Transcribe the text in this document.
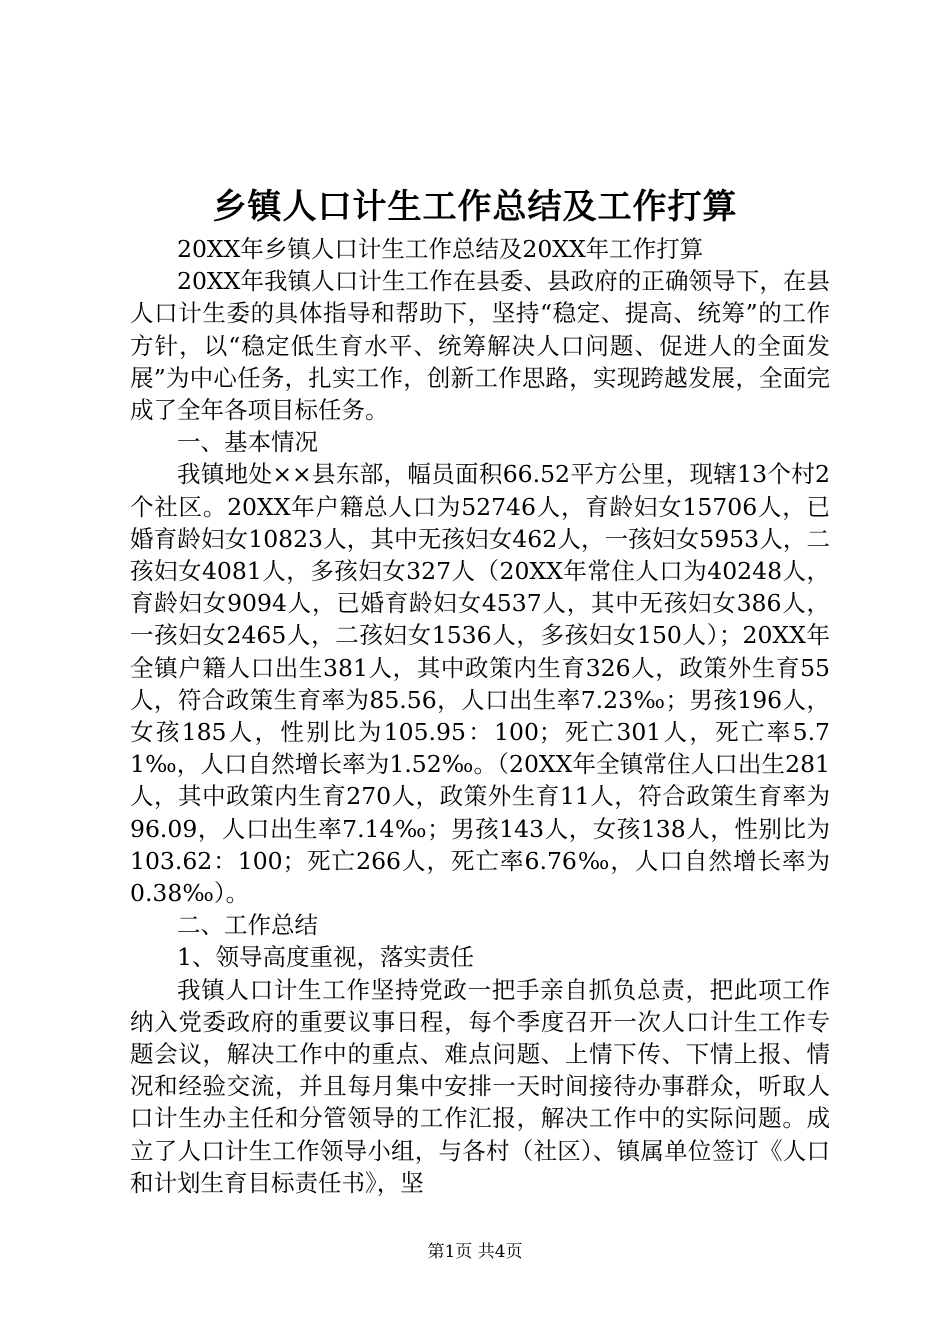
乡镇人口计生工作总结及工作打算

20XX年乡镇人口计生工作总结及20XX年工作打算

20XX年我镇人口计生工作在县委、县政府的正确领导下，在县人口计生委的具体指导和帮助下，坚持“稳定、提高、统筹”的工作方针，以“稳定低生育水平、统筹解决人口问题、促进人的全面发展”为中心任务，扎实工作，创新工作思路，实现跨越发展，全面完成了全年各项目标任务。

一、基本情况

我镇地处××县东部，幅员面积66.52平方公里，现辖13个村2个社区。20XX年户籍总人口为52746人，育龄妇女15706人，已婚育龄妇女10823人，其中无孩妇女462人，一孩妇女5953人，二孩妇女4081人，多孩妇女327人（20XX年常住人口为40248人，育龄妇女9094人，已婚育龄妇女4537人，其中无孩妇女386人，一孩妇女2465人，二孩妇女1536人，多孩妇女150人）；20XX年全镇户籍人口出生381人，其中政策内生育326人，政策外生育55人，符合政策生育率为85.56，人口出生率7.23‰；男孩196人，女孩185人，性别比为105.95：100；死亡301人，死亡率5.71‰，人口自然增长率为1.52‰。（20XX年全镇常住人口出生281人，其中政策内生育270人，政策外生育11人，符合政策生育率为96.09，人口出生率7.14‰；男孩143人，女孩138人，性别比为103.62：100；死亡266人，死亡率6.76‰，人口自然增长率为0.38‰）。

二、工作总结

1、领导高度重视，落实责任

我镇人口计生工作坚持党政一把手亲自抓负总责，把此项工作纳入党委政府的重要议事日程，每个季度召开一次人口计生工作专题会议，解决工作中的重点、难点问题、上情下传、下情上报、情况和经验交流，并且每月集中安排一天时间接待办事群众，听取人口计生办主任和分管领导的工作汇报，解决工作中的实际问题。成立了人口计生工作领导小组，与各村（社区）、镇属单位签订《人口和计划生育目标责任书》，坚

第1页 共4页
